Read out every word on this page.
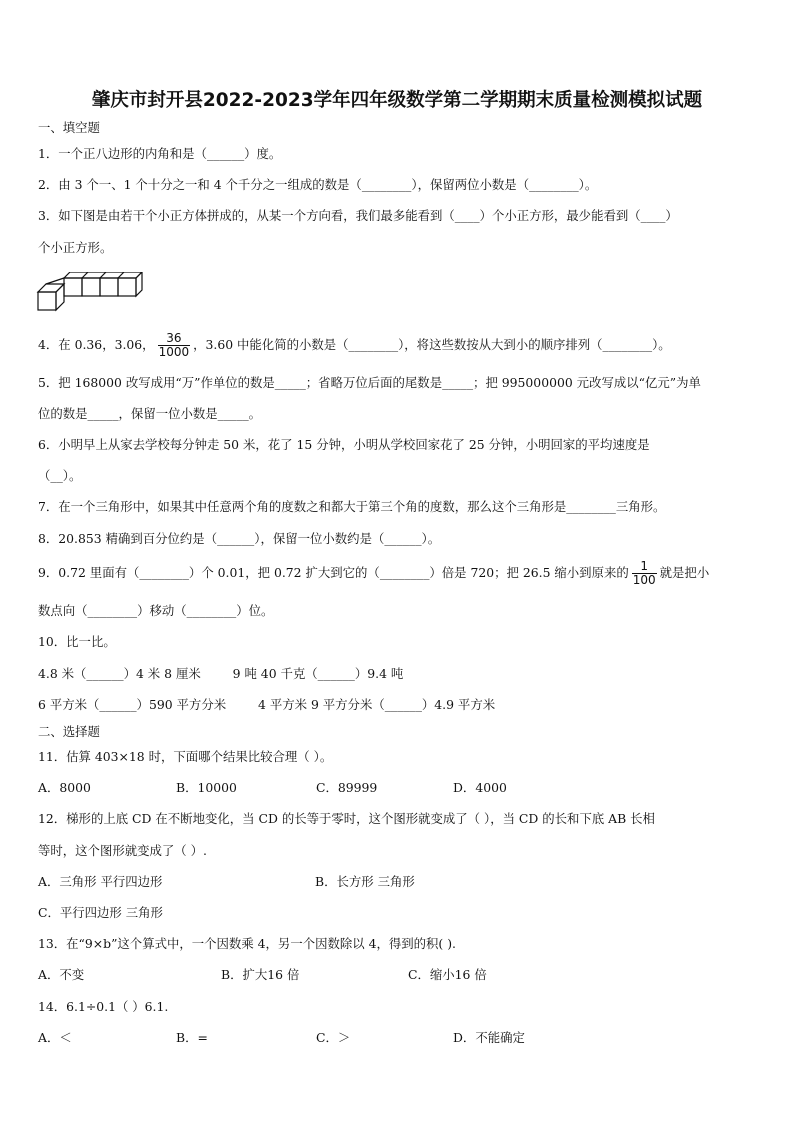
肇庆市封开县2022-2023学年四年级数学第二学期期末质量检测模拟试题
一、填空题
1．一个正八边形的内角和是（______）度。
2．由 3 个一、1 个十分之一和 4 个千分之一组成的数是（________），保留两位小数是（________）。
3．如下图是由若干个小正方体拼成的，从某一个方向看，我们最多能看到（____）个小正方形，最少能看到（____）
个小正方形。
4．在 0.36，3.06， $\frac{36}{1000}$ ，3.60 中能化简的小数是（________），将这些数按从大到小的顺序排列（________）。
5．把 168000 改写成用“万”作单位的数是_____；省略万位后面的尾数是_____；把 995000000 元改写成以“亿元”为单
位的数是_____，保留一位小数是_____。
6．小明早上从家去学校每分钟走 50 米，花了 15 分钟，小明从学校回家花了 25 分钟，小明回家的平均速度是
（__）。
7．在一个三角形中，如果其中任意两个角的度数之和都大于第三个角的度数，那么这个三角形是________三角形。
8．20.853 精确到百分位约是（______），保留一位小数约是（______）。
9．0.72 里面有（________）个 0.01，把 0.72 扩大到它的（________）倍是 720；把 26.5 缩小到原来的 $\frac{1}{100}$ 就是把小
数点向（________）移动（________）位。
10．比一比。
4.8 米（______）4 米 8 厘米	9 吨 40 千克（______）9.4 吨
6 平方米（______）590 平方分米	4 平方米 9 平方分米（______）4.9 平方米
二、选择题
11．估算 403×18 时，下面哪个结果比较合理（ ）。
A．8000	B．10000	C．89999	D．4000
12．梯形的上底 CD 在不断地变化，当 CD 的长等于零时，这个图形就变成了（ ），当 CD 的长和下底 AB 长相
等时，这个图形就变成了（ ）.
A．三角形 平行四边形	B．长方形 三角形
C．平行四边形 三角形
13．在“9×b”这个算式中，一个因数乘 4，另一个因数除以 4，得到的积( ).
A．不变	B．扩大16 倍	C．缩小16 倍
14．6.1÷0.1（ ）6.1.
A．＜	B．=	C．＞	D．不能确定
